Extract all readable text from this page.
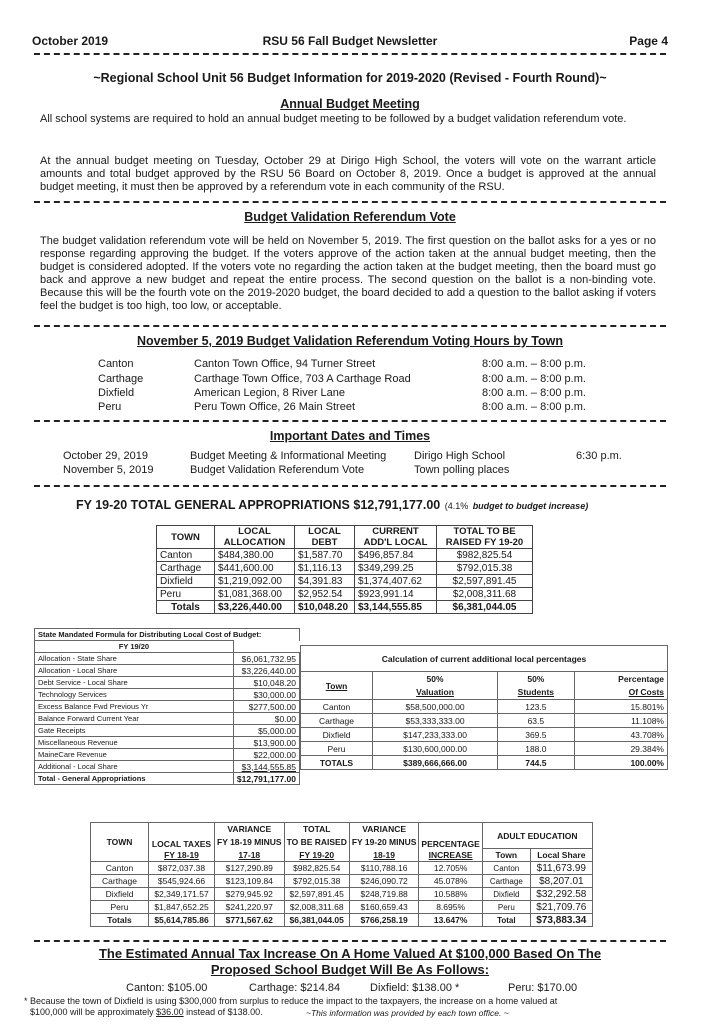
October 2019	RSU 56 Fall Budget Newsletter	Page 4
~Regional School Unit 56 Budget Information for 2019-2020 (Revised - Fourth Round)~
Annual Budget Meeting
All school systems are required to hold an annual budget meeting to be followed by a budget validation referendum vote.
At the annual budget meeting on Tuesday, October 29 at Dirigo High School, the voters will vote on the warrant article amounts and total budget approved by the RSU 56 Board on October 8, 2019. Once a budget is approved at the annual budget meeting, it must then be approved by a referendum vote in each community of the RSU.
Budget Validation Referendum Vote
The budget validation referendum vote will be held on November 5, 2019. The first question on the ballot asks for a yes or no response regarding approving the budget. If the voters approve of the action taken at the annual budget meeting, then the budget is considered adopted. If the voters vote no regarding the action taken at the budget meeting, then the board must go back and approve a new budget and repeat the entire process. The second question on the ballot is a non-binding vote. Because this will be the fourth vote on the 2019-2020 budget, the board decided to add a question to the ballot asking if voters feel the budget is too high, too low, or acceptable.
November 5, 2019 Budget Validation Referendum Voting Hours by Town
Canton	Canton Town Office, 94 Turner Street	8:00 a.m. – 8:00 p.m.
Carthage	Carthage Town Office, 703 A Carthage Road	8:00 a.m. – 8:00 p.m.
Dixfield	American Legion, 8 River Lane	8:00 a.m. – 8:00 p.m.
Peru	Peru Town Office, 26 Main Street	8:00 a.m. – 8:00 p.m.
Important Dates and Times
October 29, 2019	Budget Meeting & Informational Meeting	Dirigo High School	6:30 p.m.
November 5, 2019	Budget Validation Referendum Vote	Town polling places
FY 19-20 TOTAL GENERAL APPROPRIATIONS $12,791,177.00 (4.1% budget to budget increase)
TOWN	LOCAL ALLOCATION	LOCAL DEBT	CURRENT ADD'L LOCAL	TOTAL TO BE RAISED FY 19-20
Canton	$484,380.00	$1,587.70	$496,857.84	$982,825.54
Carthage	$441,600.00	$1,116.13	$349,299.25	$792,015.38
Dixfield	$1,219,092.00	$4,391.83	$1,374,407.62	$2,597,891.45
Peru	$1,081,368.00	$2,952.54	$923,991.14	$2,008,311.68
Totals	$3,226,440.00	$10,048.20	$3,144,555.85	$6,381,044.05
State Mandated Formula for Distributing Local Cost of Budget:	
FY 19/20	
Allocation - State Share	$6,061,732.95
Allocation - Local Share	$3,226,440.00
Debt Service - Local Share	$10,048.20
Technology Services	$30,000.00
Excess Balance Fwd Previous Yr	$277,500.00
Balance Forward Current Year	$0.00
Gate Receipts	$5,000.00
Miscellaneous Revenue	$13,900.00
MaineCare Revenue	$22,000.00
Additional - Local Share	$3,144,555.85
Total - General Appropriations	$12,791,177.00
Calculation of current additional local percentages			
Town	50%	50%	Percentage
	Valuation	Students	Of Costs
Canton	$58,500,000.00	123.5	15.801%
Carthage	$53,333,333.00	63.5	11.108%
Dixfield	$147,233,333.00	369.5	43.708%
Peru	$130,600,000.00	188.0	29.384%
TOTALS	$389,666,666.00	744.5	100.00%
TOWN	LOCAL TAXES	VARIANCE	TOTAL	VARIANCE	PERCENTAGE	ADULT EDUCATION	
		FY 18-19 MINUS	TO BE RAISED	FY 19-20 MINUS			
	FY 18-19	17-18	FY 19-20	18-19	INCREASE	Town	Local Share
Canton	$872,037.38	$127,290.89	$982,825.54	$110,788.16	12.705%	Canton	$11,673.99
Carthage	$545,924.66	$123,109.84	$792,015.38	$246,090.72	45.078%	Carthage	$8,207.01
Dixfield	$2,349,171.57	$279,945.92	$2,597,891.45	$248,719.88	10.588%	Dixfield	$32,292.58
Peru	$1,847,652.25	$241,220.97	$2,008,311.68	$160,659.43	8.695%	Peru	$21,709.76
Totals	$5,614,785.86	$771,567.62	$6,381,044.05	$766,258.19	13.647%	Total	$73,883.34
The Estimated Annual Tax Increase On A Home Valued At $100,000 Based On The
Proposed School Budget Will Be As Follows:
Canton: $105.00	Carthage: $214.84	Dixfield: $138.00 *	Peru: $170.00
* Because the town of Dixfield is using $300,000 from surplus to reduce the impact to the taxpayers, the increase on a home valued at
$100,000 will be approximately $36.00 instead of $138.00.	~This information was provided by each town office. ~
